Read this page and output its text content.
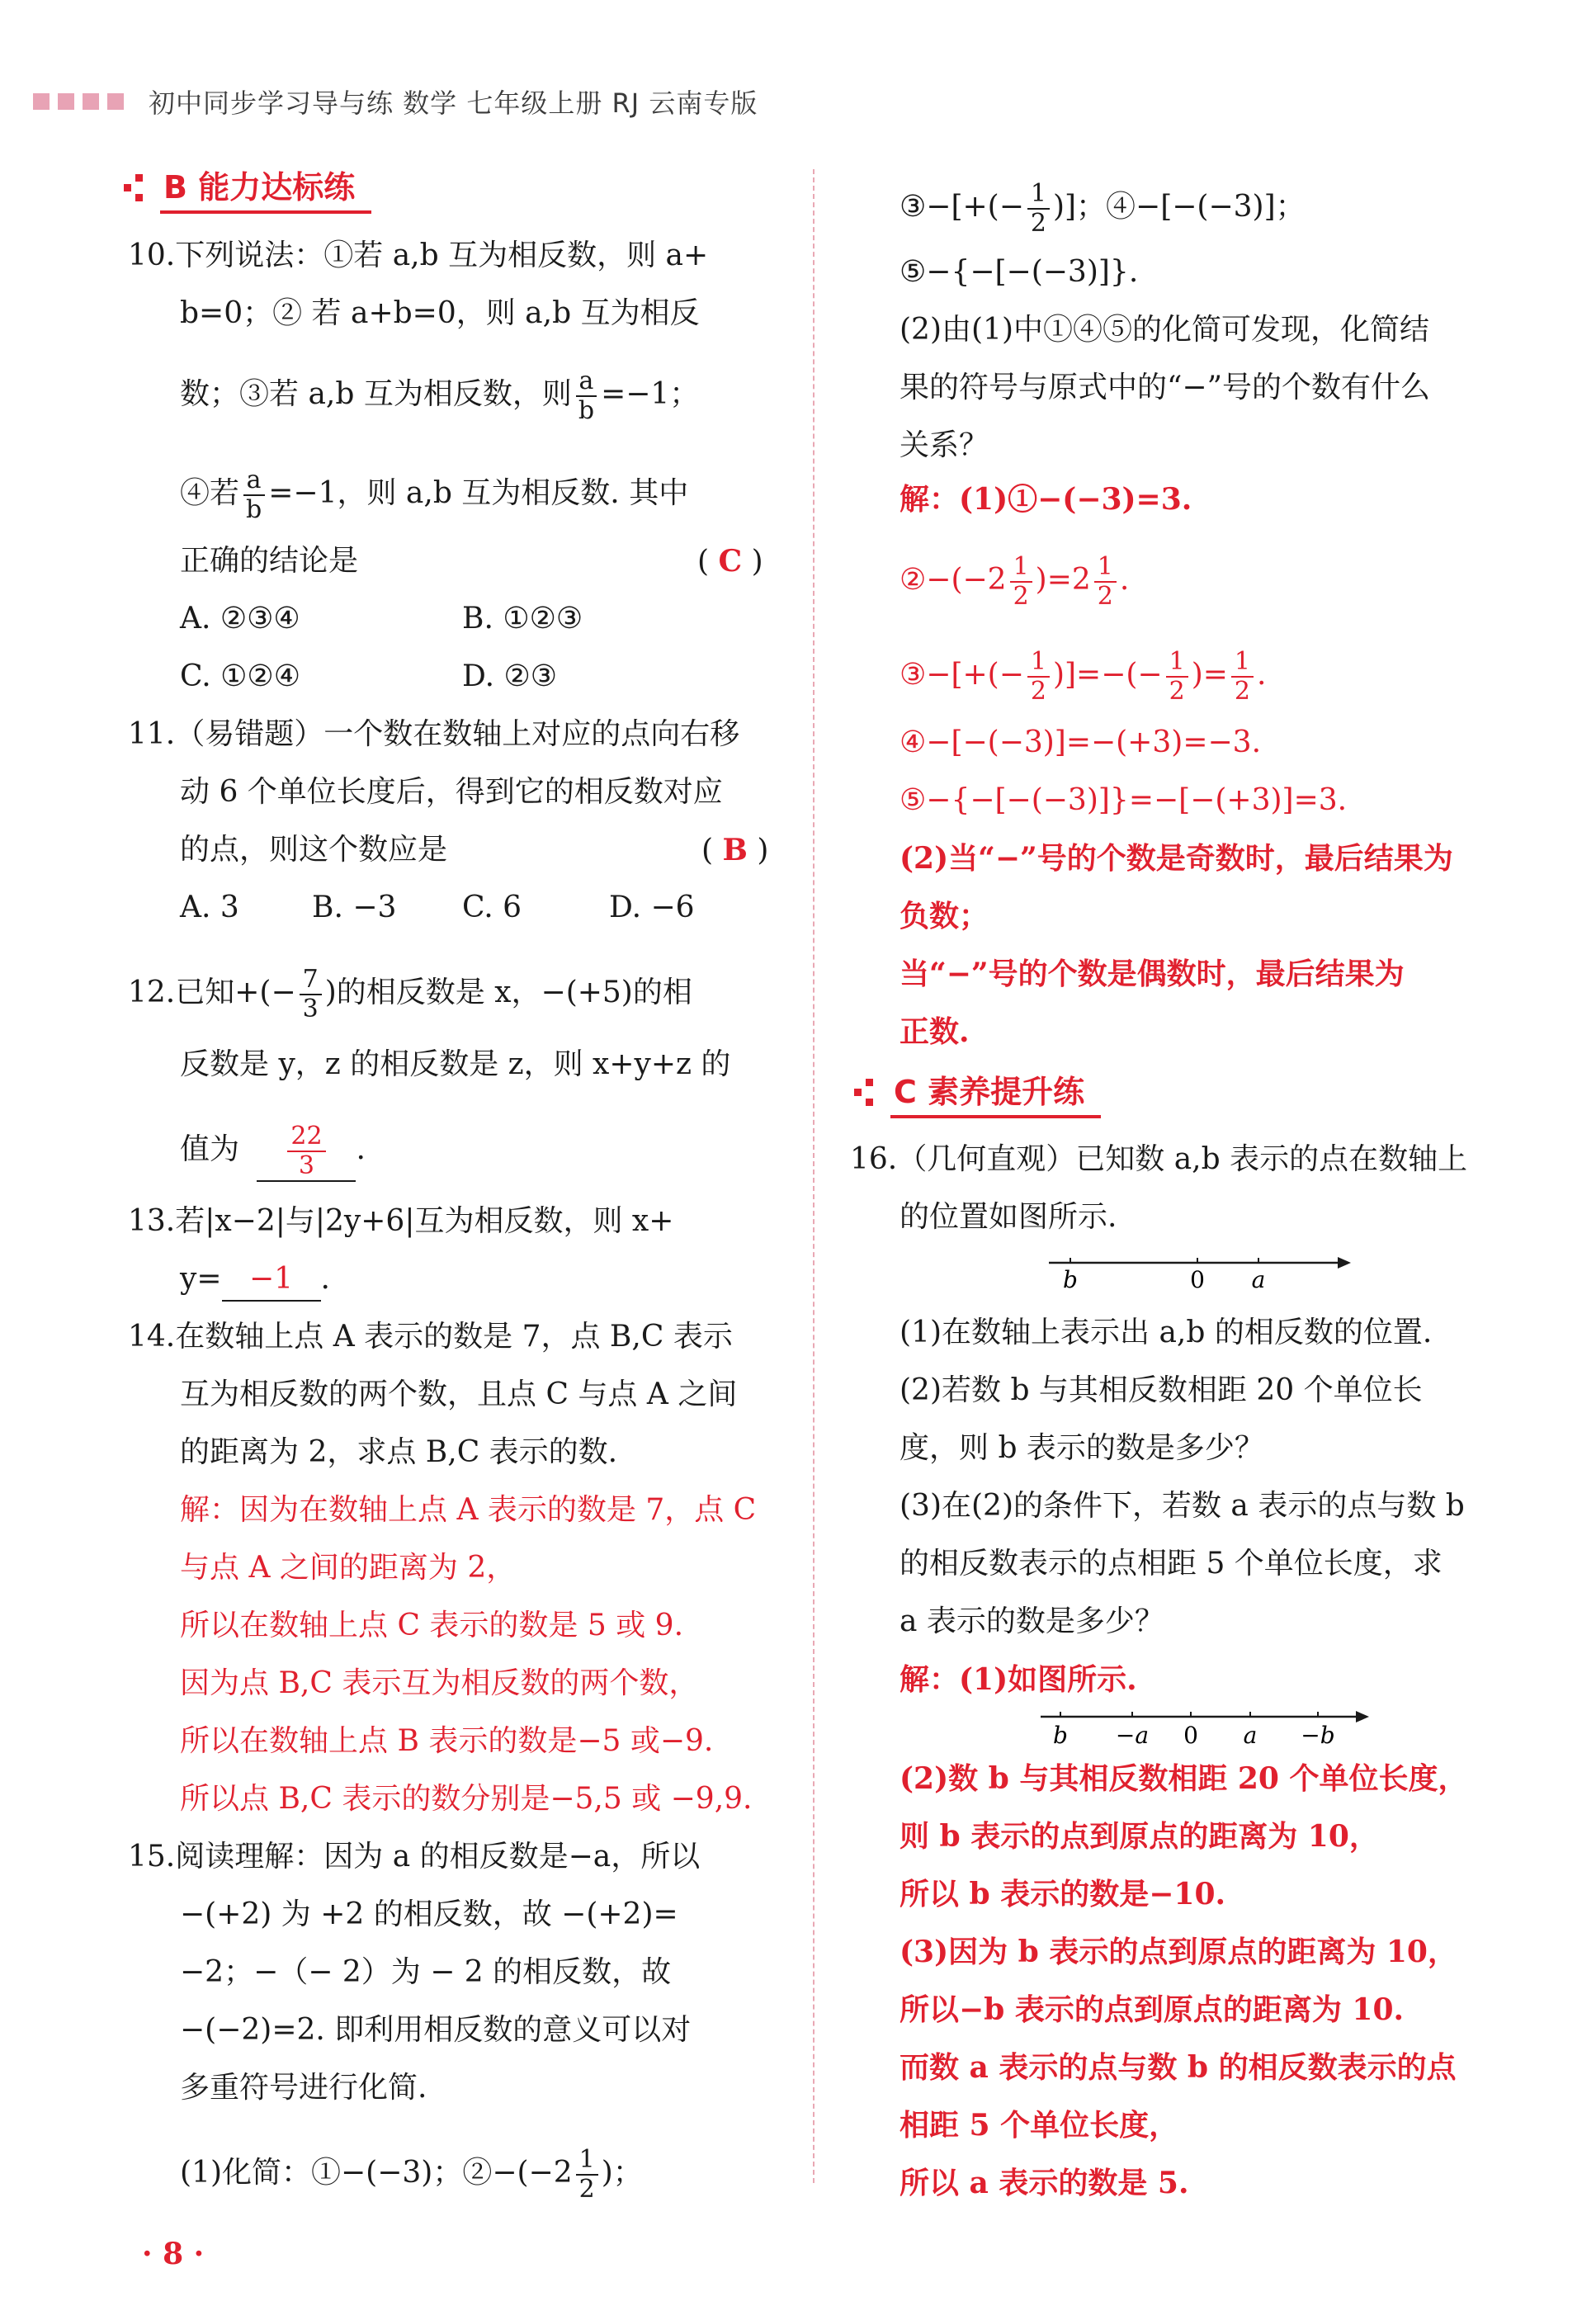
初中同步学习导与练 数学 七年级上册 RJ 云南专版
B 能力达标练
10.下列说法：①若 a,b 互为相反数，则 a+
b=0；② 若 a+b=0，则 a,b 互为相反
数；③若 a,b 互为相反数，则 $\frac{a}{b} =-1$；
④若 $\frac{a}{b} =-1$，则 a,b 互为相反数. 其中
正确的结论是	( C )
A. ②③④	B. ①②③
C. ①②④	D. ②③
11.（易错题）一个数在数轴上对应的点向右移
动 6 个单位长度后，得到它的相反数对应
的点，则这个数应是	( B )
A. 3 B. −3 C. 6	D. −6
12.已知+(− $\frac{7}{3}$ )的相反数是 x，−(+5)的相
反数是 y，z 的相反数是 z，则 x+y+z 的
值为 $\frac{22}{3}$ .
13.若|x−2|与|2y+6|互为相反数，则 x+
y= −1 .
14.在数轴上点 A 表示的数是 7，点 B,C 表示
互为相反数的两个数，且点 C 与点 A 之间
的距离为 2，求点 B,C 表示的数.
解：因为在数轴上点 A 表示的数是 7，点 C
与点 A 之间的距离为 2，
所以在数轴上点 C 表示的数是 5 或 9.
因为点 B,C 表示互为相反数的两个数，
所以在数轴上点 B 表示的数是−5 或−9.
所以点 B,C 表示的数分别是−5,5 或 −9,9.
15.阅读理解：因为 a 的相反数是−a，所以
−(+2) 为 +2 的相反数，故 −(+2)=
−2；−（− 2）为 − 2 的相反数，故
−(−2)=2. 即利用相反数的意义可以对
多重符号进行化简.
(1)化简：①−(−3)；②−(−2 $\frac{1}{2}$ )；
· 8 ·
③−[+(− $\frac{1}{2}$ )]；④−[−(−3)]；
⑤−{−[−(−3)]}.
(2)由(1)中①④⑤的化简可发现，化简结
果的符号与原式中的“−”号的个数有什么
关系？
解：(1)①−(−3)=3.
②−(−2 $\frac{1}{2} )=2 \frac{1}{2}$ .
③−[+(− $\frac{1}{2}$ )]=−(− $\frac{1}{2}$ )= $\frac{1}{2}$ .
④−[−(−3)]=−(+3)=−3.
⑤−{−[−(−3)]}=−[−(+3)]=3.
(2)当“−”号的个数是奇数时，最后结果为
负数；
当“−”号的个数是偶数时，最后结果为
正数.
C 素养提升练
16.（几何直观）已知数 a,b 表示的点在数轴上
的位置如图所示.
b	0 a
(1)在数轴上表示出 a,b 的相反数的位置.
(2)若数 b 与其相反数相距 20 个单位长
度，则 b 表示的数是多少？
(3)在(2)的条件下，若数 a 表示的点与数 b
的相反数表示的点相距 5 个单位长度，求
a 表示的数是多少？
解：(1)如图所示.
b −a 0 a −b
(2)数 b 与其相反数相距 20 个单位长度，
则 b 表示的点到原点的距离为 10，
所以 b 表示的数是−10.
(3)因为 b 表示的点到原点的距离为 10，
所以−b 表示的点到原点的距离为 10.
而数 a 表示的点与数 b 的相反数表示的点
相距 5 个单位长度，
所以 a 表示的数是 5.
